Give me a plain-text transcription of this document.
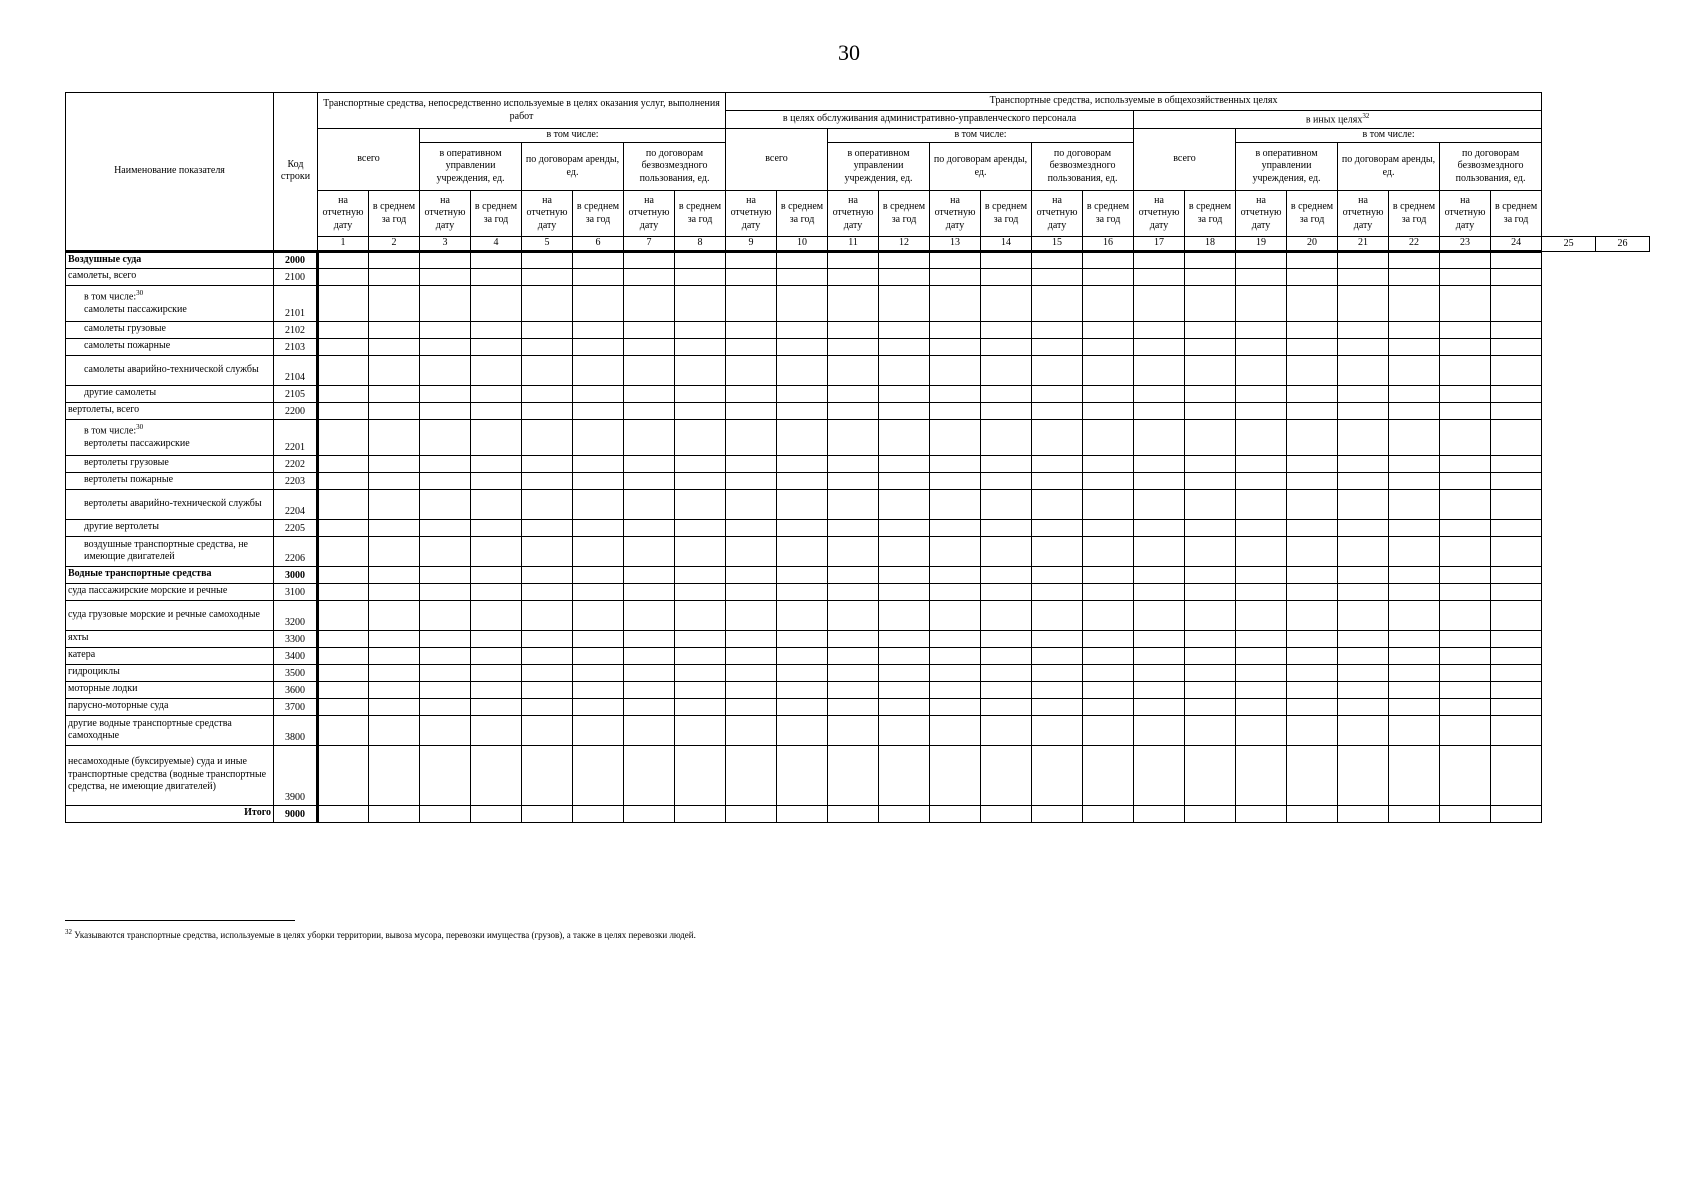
30
Наименование показателя	Код строки	Транспортные средства, непосредственно используемые в целях оказания услуг, выполнения работ								Транспортные средства, используемые в общехозяйственных целях																	
										в целях обслуживания административно-управленческого персонала								в иных целях$^{32}$
		всего		в том числе:						всего		в том числе:						всего		в том числе:							
				в оперативном управлении учреждения, ед.		по договорам аренды, ед.		по договорам безвозмездного пользования, ед.				в оперативном управлении учреждения, ед.		по договорам аренды, ед.		по договорам безвозмездного пользования, ед.				в оперативном управлении учреждения, ед.		по договорам аренды, ед.		по договорам безвозмездного пользования, ед.			
		на отчетную дату	в среднем за год	на отчетную дату	в среднем за год	на отчетную дату	в среднем за год	на отчетную дату	в среднем за год	на отчетную дату	в среднем за год	на отчетную дату	в среднем за год	на отчетную дату	в среднем за год	на отчетную дату	в среднем за год	на отчетную дату	в среднем за год	на отчетную дату	в среднем за год	на отчетную дату	в среднем за год	на отчетную дату	в среднем за год		
		1	2	3	4	5	6	7	8	9	10	11	12	13	14	15	16	17	18	19	20	21	22	23	24	25	26
Воздушные суда	2000																										
самолеты, всего	2100																										

в том числе:$^{30}$
самолеты пассажирские	2101																										
самолеты грузовые	2102																										
самолеты пожарные	2103																										
самолеты аварийно-технической службы	2104																										
другие самолеты	2105																										
вертолеты, всего	2200																										

в том числе:$^{30}$
вертолеты пассажирские	2201																										
вертолеты грузовые	2202																										
вертолеты пожарные	2203																										
вертолеты аварийно-технической службы	2204																										
другие вертолеты	2205																										
воздушные транспортные средства, не имеющие двигателей	2206																										
Водные транспортные средства	3000																										
суда пассажирские морские и речные	3100																										
суда грузовые морские и речные самоходные	3200																										
яхты	3300																										
катера	3400																										
гидроциклы	3500																										
моторные лодки	3600																										
парусно-моторные суда	3700																										
другие водные транспортные средства самоходные	3800																										
несамоходные (буксируемые) суда и иные транспортные средства (водные транспортные средства, не имеющие двигателей)	3900																										
Итого	9000																										
$^{32}$ Указываются транспортные средства, используемые в целях уборки территории, вывоза мусора, перевозки имущества (грузов), а также в целях перевозки людей.
